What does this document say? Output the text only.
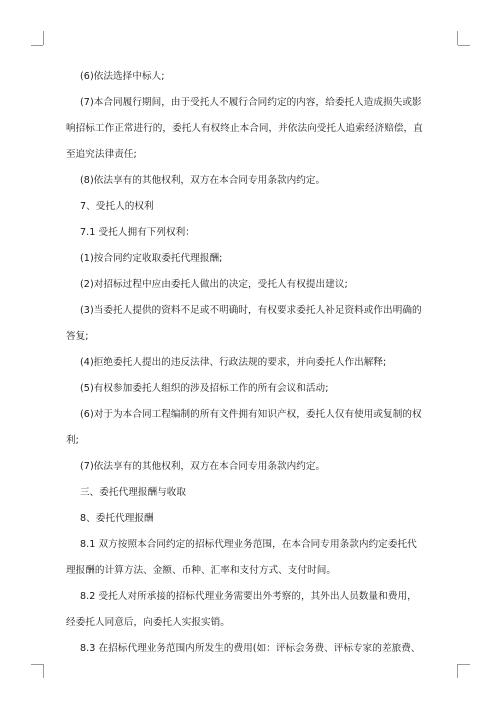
(6)依法选择中标人;

(7)本合同履行期间，由于受托人不履行合同约定的内容，给委托人造成损失或影
响招标工作正常进行的，委托人有权终止本合同，并依法向受托人追索经济赔偿，直
至追究法律责任;

(8)依法享有的其他权利，双方在本合同专用条款内约定。

7、受托人的权利

7.1 受托人拥有下列权利：

(1)按合同约定收取委托代理报酬;

(2)对招标过程中应由委托人做出的决定，受托人有权提出建议;

(3)当委托人提供的资料不足或不明确时，有权要求委托人补足资料或作出明确的
答复;

(4)拒绝委托人提出的违反法律、行政法规的要求，并向委托人作出解释;

(5)有权参加委托人组织的涉及招标工作的所有会议和活动;

(6)对于为本合同工程编制的所有文件拥有知识产权，委托人仅有使用或复制的权
利;

(7)依法享有的其他权利，双方在本合同专用条款内约定。

三、委托代理报酬与收取

8、委托代理报酬

8.1 双方按照本合同约定的招标代理业务范围，在本合同专用条款内约定委托代
理报酬的计算方法、金额、币种、汇率和支付方式、支付时间。

8.2 受托人对所承接的招标代理业务需要出外考察的，其外出人员数量和费用，
经委托人同意后，向委托人实报实销。

8.3 在招标代理业务范围内所发生的费用(如：评标会务费、评标专家的差旅费、
